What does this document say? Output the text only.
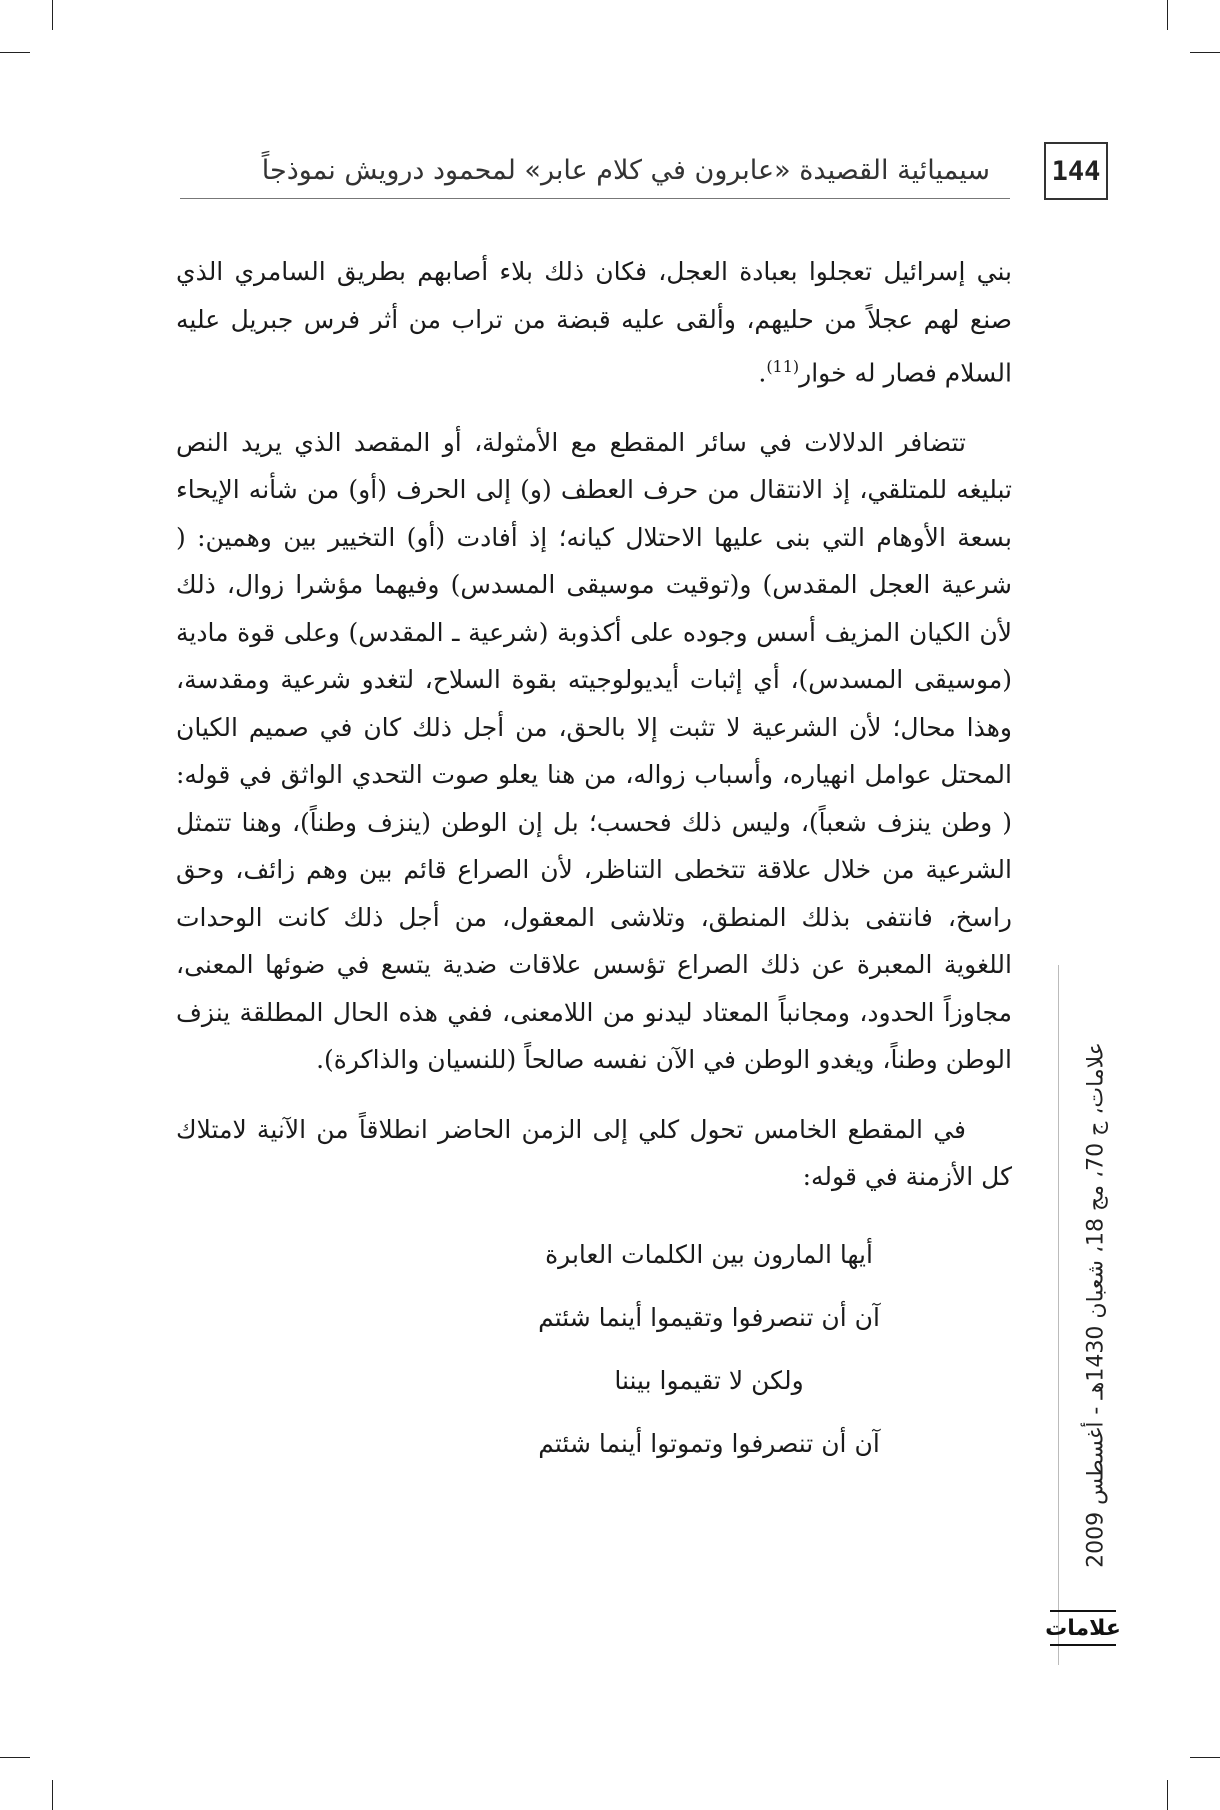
144
سيميائية القصيدة «عابرون في كلام عابر» لمحمود درويش نموذجاً

بني إسرائيل تعجلوا بعبادة العجل، فكان ذلك بلاء أصابهم بطريق السامري الذي صنع لهم عجلاً من حليهم، وألقى عليه قبضة من تراب من أثر فرس جبريل عليه السلام فصار له خوار$^{(11)}$.

تتضافر الدلالات في سائر المقطع مع الأمثولة، أو المقصد الذي يريد النص تبليغه للمتلقي، إذ الانتقال من حرف العطف (و) إلى الحرف (أو) من شأنه الإيحاء بسعة الأوهام التي بنى عليها الاحتلال كيانه؛ إذ أفادت (أو) التخيير بين وهمين: ( شرعية العجل المقدس) و(توقيت موسيقى المسدس) وفيهما مؤشرا زوال، ذلك لأن الكيان المزيف أسس وجوده على أكذوبة (شرعية ـ المقدس) وعلى قوة مادية (موسيقى المسدس)، أي إثبات أيديولوجيته بقوة السلاح، لتغدو شرعية ومقدسة، وهذا محال؛ لأن الشرعية لا تثبت إلا بالحق، من أجل ذلك كان في صميم الكيان المحتل عوامل انهياره، وأسباب زواله، من هنا يعلو صوت التحدي الواثق في قوله: ( وطن ينزف شعباً)، وليس ذلك فحسب؛ بل إن الوطن (ينزف وطناً)، وهنا تتمثل الشرعية من خلال علاقة تتخطى التناظر، لأن الصراع قائم بين وهم زائف، وحق راسخ، فانتفى بذلك المنطق، وتلاشى المعقول، من أجل ذلك كانت الوحدات اللغوية المعبرة عن ذلك الصراع تؤسس علاقات ضدية يتسع في ضوئها المعنى، مجاوزاً الحدود، ومجانباً المعتاد ليدنو من اللامعنى، ففي هذه الحال المطلقة ينزف الوطن وطناً، ويغدو الوطن في الآن نفسه صالحاً (للنسيان والذاكرة).

في المقطع الخامس تحول كلي إلى الزمن الحاضر انطلاقاً من الآنية لامتلاك كل الأزمنة في قوله:

أيها المارون بين الكلمات العابرة
آن أن تنصرفوا وتقيموا أينما شئتم
ولكن لا تقيموا بيننا
آن أن تنصرفوا وتموتوا أينما شئتم
علامات، ج 70، مج 18، شعبان 1430هـ - أغسطس 2009
علامات
